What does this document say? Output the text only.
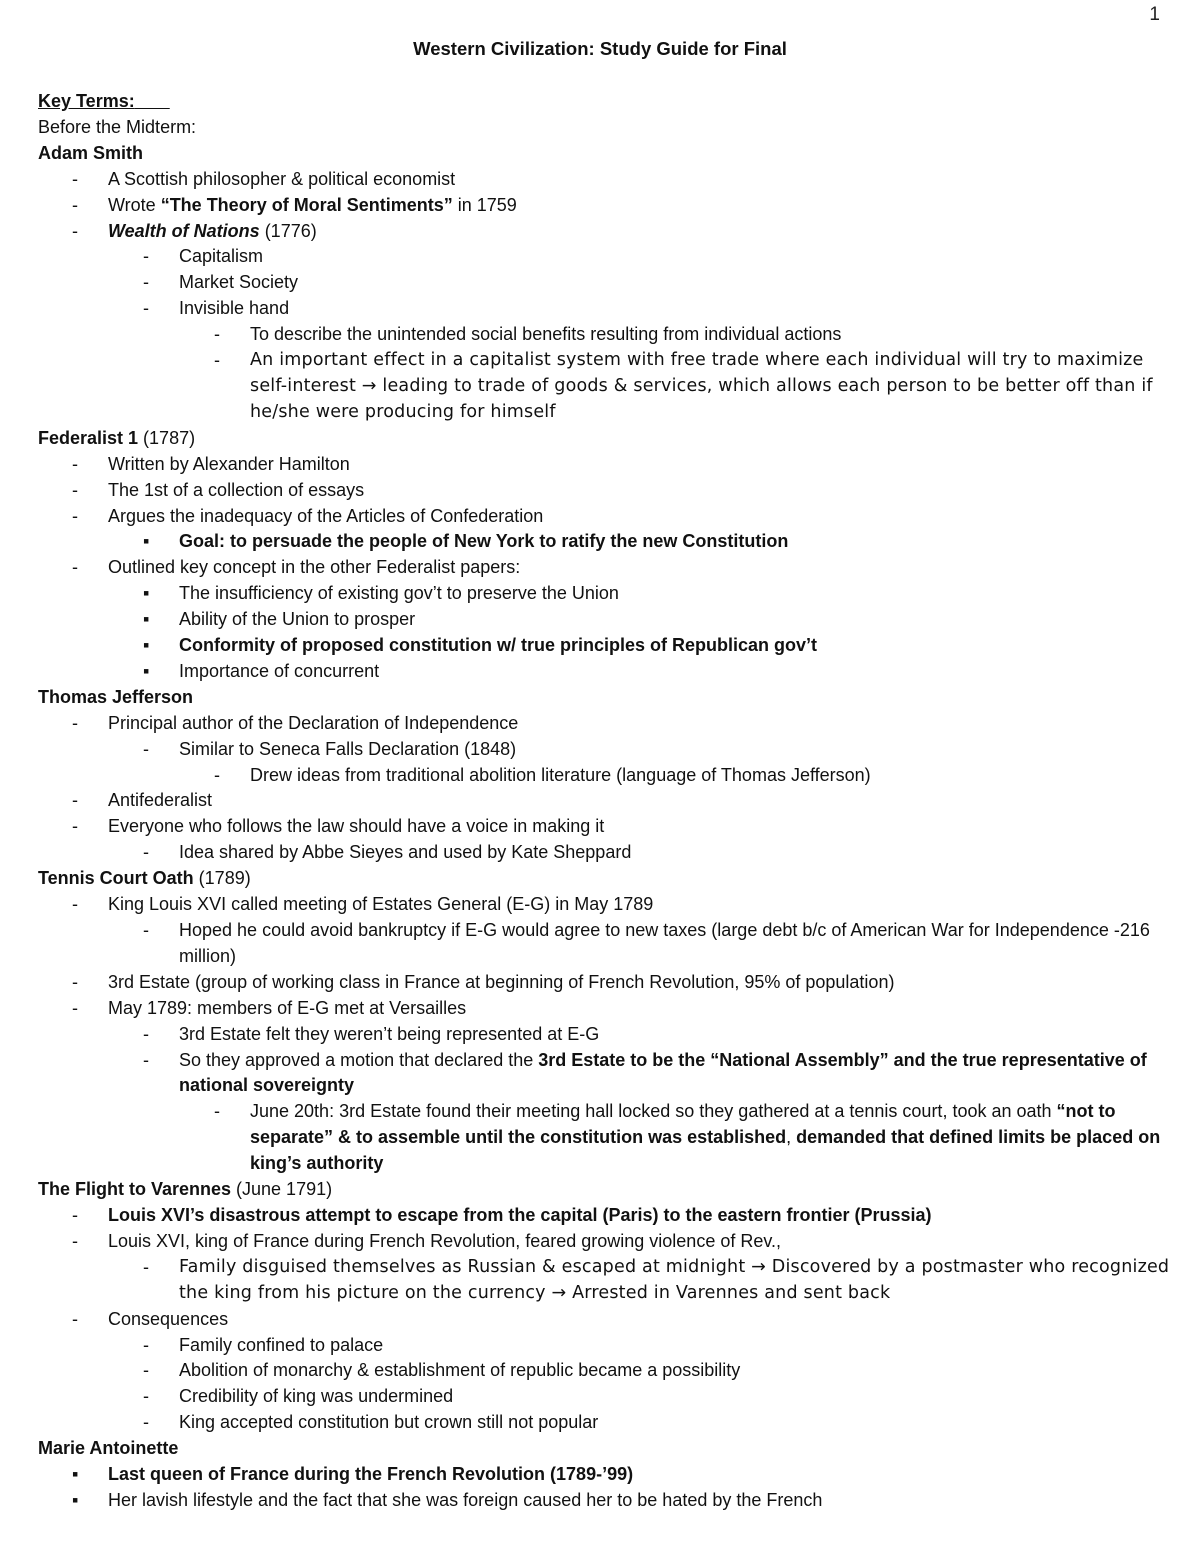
1
Western Civilization: Study Guide for Final
Key Terms:
Before the Midterm:
Adam Smith
-	A Scottish philosopher & political economist
-	Wrote “The Theory of Moral Sentiments” in 1759
-	Wealth of Nations (1776)
-	Capitalism
-	Market Society
-	Invisible hand
-	To describe the unintended social benefits resulting from individual actions
-	An important effect in a capitalist system with free trade where each individual will try to maximize self-interest → leading to trade of goods & services, which allows each person to be better off than if he/she were producing for himself
Federalist 1 (1787)
-	Written by Alexander Hamilton
-	The 1st of a collection of essays
-	Argues the inadequacy of the Articles of Confederation
▪	Goal: to persuade the people of New York to ratify the new Constitution
-	Outlined key concept in the other Federalist papers:
▪	The insufficiency of existing gov’t to preserve the Union
▪	Ability of the Union to prosper
▪	Conformity of proposed constitution w/ true principles of Republican gov’t
▪	Importance of concurrent
Thomas Jefferson
-	Principal author of the Declaration of Independence
-	Similar to Seneca Falls Declaration (1848)
-	Drew ideas from traditional abolition literature (language of Thomas Jefferson)
-	Antifederalist
-	Everyone who follows the law should have a voice in making it
-	Idea shared by Abbe Sieyes and used by Kate Sheppard
Tennis Court Oath (1789)
-	King Louis XVI called meeting of Estates General (E-G) in May 1789
-	Hoped he could avoid bankruptcy if E-G would agree to new taxes (large debt b/c of American War for Independence -216 million)
-	3rd Estate (group of working class in France at beginning of French Revolution, 95% of population)
-	May 1789: members of E-G met at Versailles
-	3rd Estate felt they weren’t being represented at E-G
-	So they approved a motion that declared the 3rd Estate to be the “National Assembly” and the true representative of national sovereignty
-	June 20th: 3rd Estate found their meeting hall locked so they gathered at a tennis court, took an oath “not to separate” & to assemble until the constitution was established, demanded that defined limits be placed on king’s authority
The Flight to Varennes (June 1791)
-	Louis XVI’s disastrous attempt to escape from the capital (Paris) to the eastern frontier (Prussia)
-	Louis XVI, king of France during French Revolution, feared growing violence of Rev.,
-	Family disguised themselves as Russian & escaped at midnight → Discovered by a postmaster who recognized the king from his picture on the currency → Arrested in Varennes and sent back
-	Consequences
-	Family confined to palace
-	Abolition of monarchy & establishment of republic became a possibility
-	Credibility of king was undermined
-	King accepted constitution but crown still not popular
Marie Antoinette
▪	Last queen of France during the French Revolution (1789-’99)
▪	Her lavish lifestyle and the fact that she was foreign caused her to be hated by the French
